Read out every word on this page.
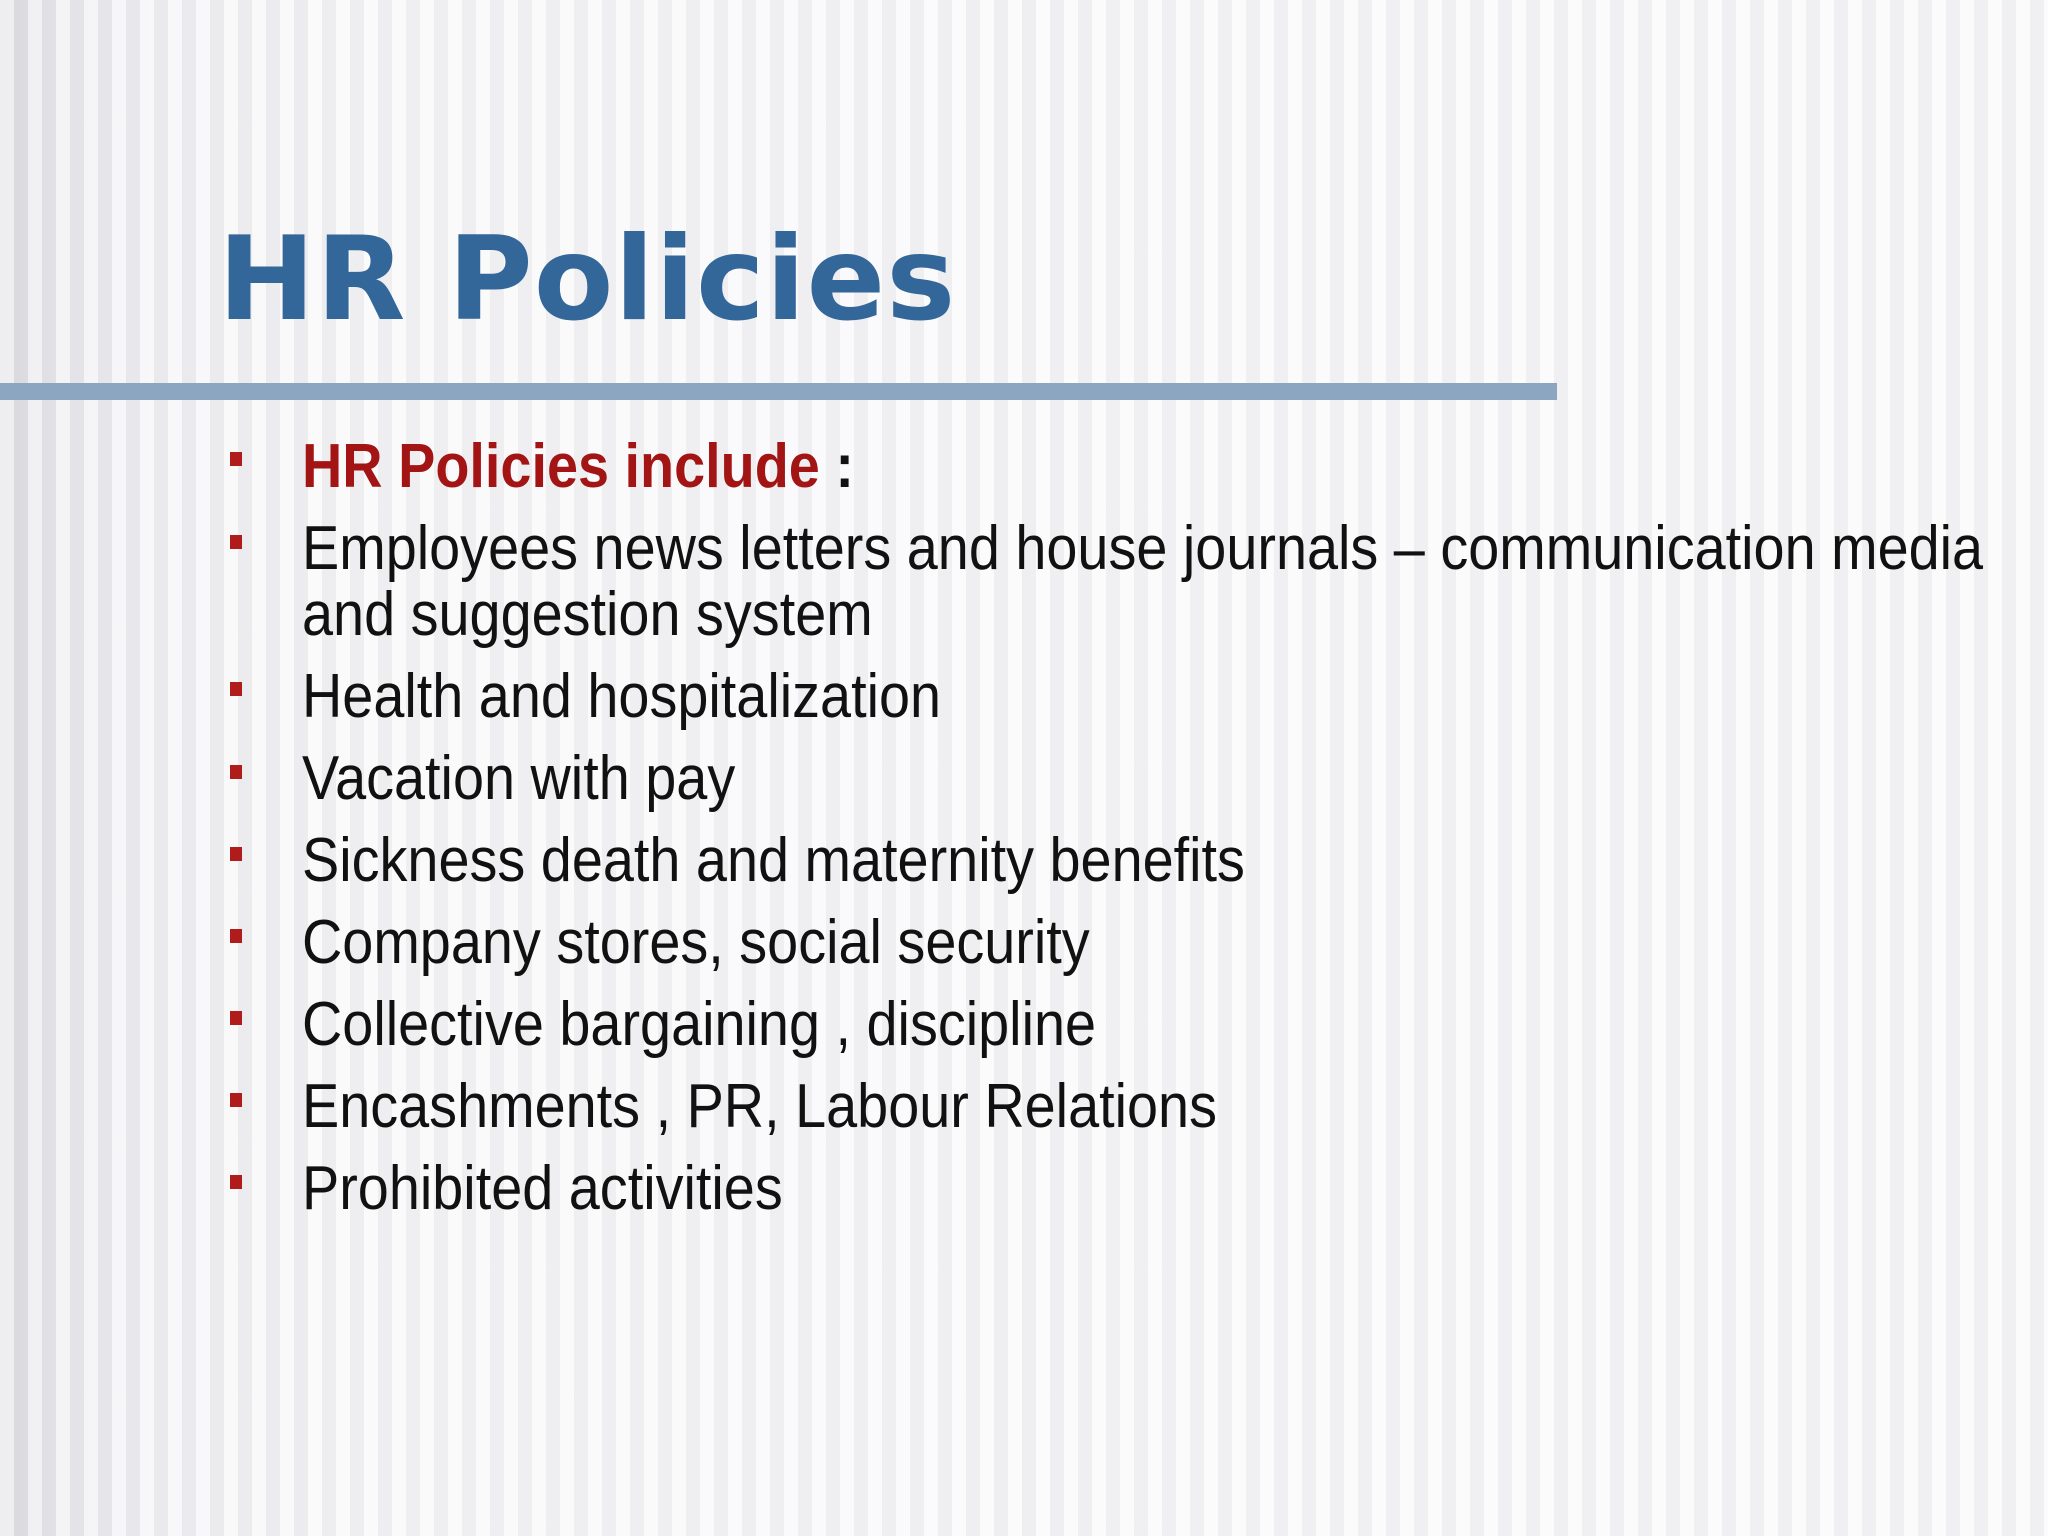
HR Policies
HR Policies include :
Employees news letters and house journals – communication media
and suggestion system
Health and hospitalization
Vacation with pay
Sickness death and maternity benefits
Company stores, social security
Collective bargaining , discipline
Encashments , PR, Labour Relations
Prohibited activities
